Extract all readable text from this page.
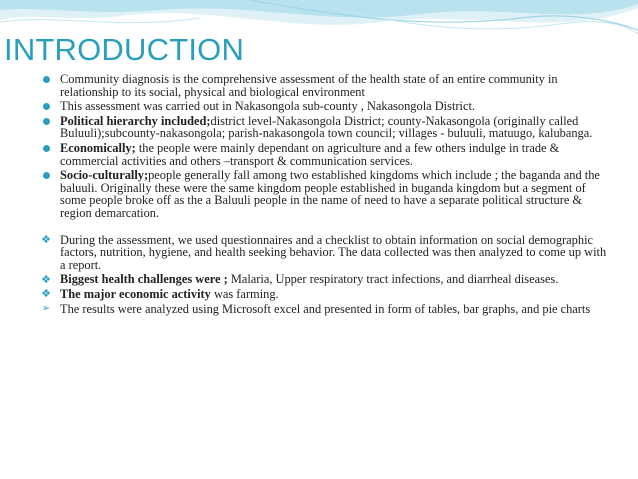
INTRODUCTION
Community diagnosis is the comprehensive assessment of the health state of an entire community in relationship to its social, physical and biological environment
This assessment was carried out in Nakasongola sub-county , Nakasongola District.
Political hierarchy included;district level-Nakasongola District; county-Nakasongola (originally called Buluuli);subcounty-nakasongola; parish-nakasongola town council; villages - buluuli, matuugo, kalubanga.
Economically; the people were mainly dependant on agriculture and a few others indulge in trade & commercial activities and others –transport & communication services.
Socio-culturally;people generally fall among two established kingdoms which include ; the baganda and the baluuli. Originally these were the same kingdom people established in buganda kingdom but a segment of some people broke off as the a Baluuli people in the name of need to have a separate political structure & region demarcation.
❖ During the assessment, we used questionnaires and a checklist to obtain information on social demographic factors, nutrition, hygiene, and health seeking behavior. The data collected was then analyzed to come up with a report.
❖ Biggest health challenges were ; Malaria, Upper respiratory tract infections, and diarrheal diseases.
❖ The major economic activity was farming.
➢ The results were analyzed using Microsoft excel and presented in form of tables, bar graphs, and pie charts
